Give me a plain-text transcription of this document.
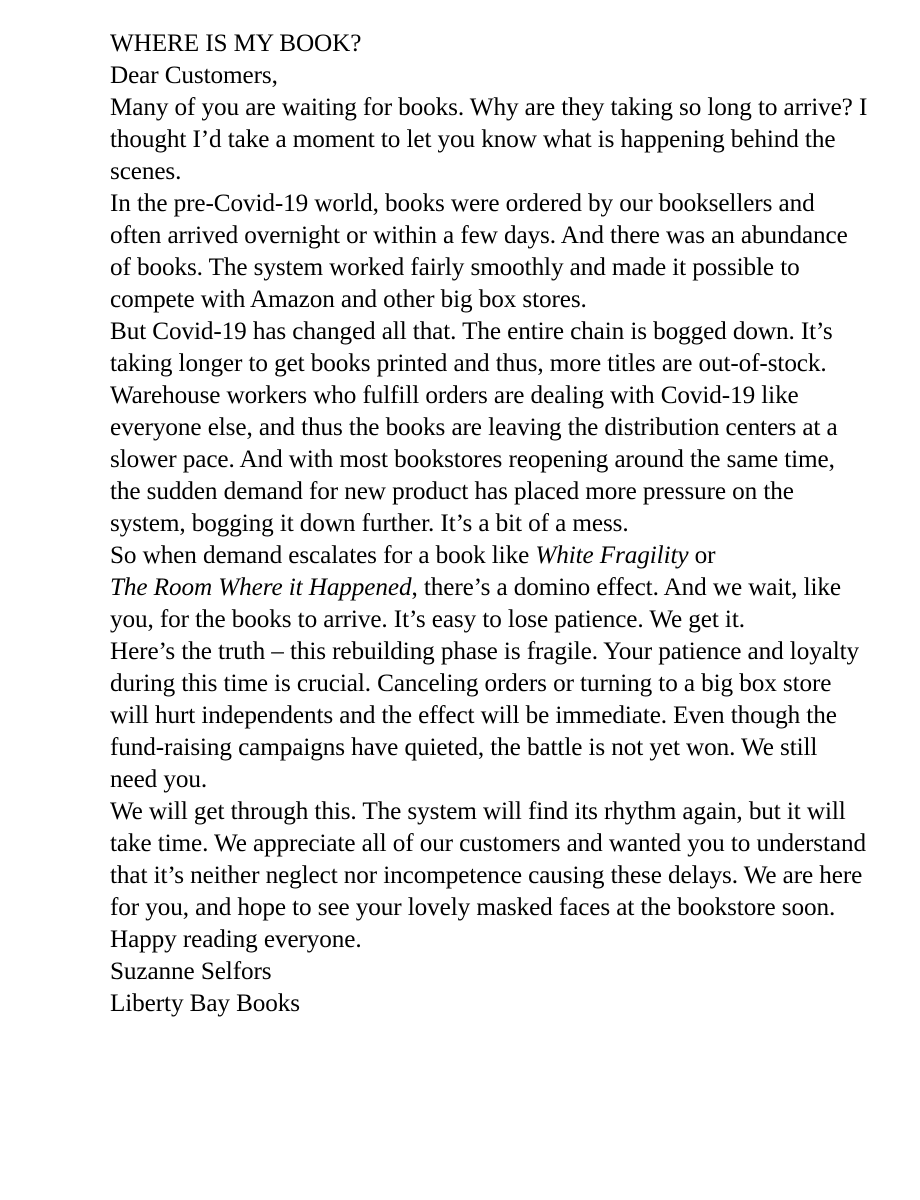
WHERE IS MY BOOK?

Dear Customers,

Many of you are waiting for books. Why are they taking so long to arrive? I thought I’d take a moment to let you know what is happening behind the scenes.

In the pre-Covid-19 world, books were ordered by our booksellers and often arrived overnight or within a few days. And there was an abundance of books. The system worked fairly smoothly and made it possible to compete with Amazon and other big box stores.

But Covid-19 has changed all that. The entire chain is bogged down. It’s taking longer to get books printed and thus, more titles are out-of-stock. Warehouse workers who fulfill orders are dealing with Covid-19 like everyone else, and thus the books are leaving the distribution centers at a slower pace. And with most bookstores reopening around the same time, the sudden demand for new product has placed more pressure on the system, bogging it down further. It’s a bit of a mess.

So when demand escalates for a book like White Fragility or
The Room Where it Happened, there’s a domino effect. And we wait, like you, for the books to arrive. It’s easy to lose patience. We get it.

Here’s the truth – this rebuilding phase is fragile. Your patience and loyalty during this time is crucial. Canceling orders or turning to a big box store will hurt independents and the effect will be immediate. Even though the fund-raising campaigns have quieted, the battle is not yet won. We still need you.

We will get through this. The system will find its rhythm again, but it will take time. We appreciate all of our customers and wanted you to understand that it’s neither neglect nor incompetence causing these delays. We are here for you, and hope to see your lovely masked faces at the bookstore soon.

Happy reading everyone.

Suzanne Selfors

Liberty Bay Books
